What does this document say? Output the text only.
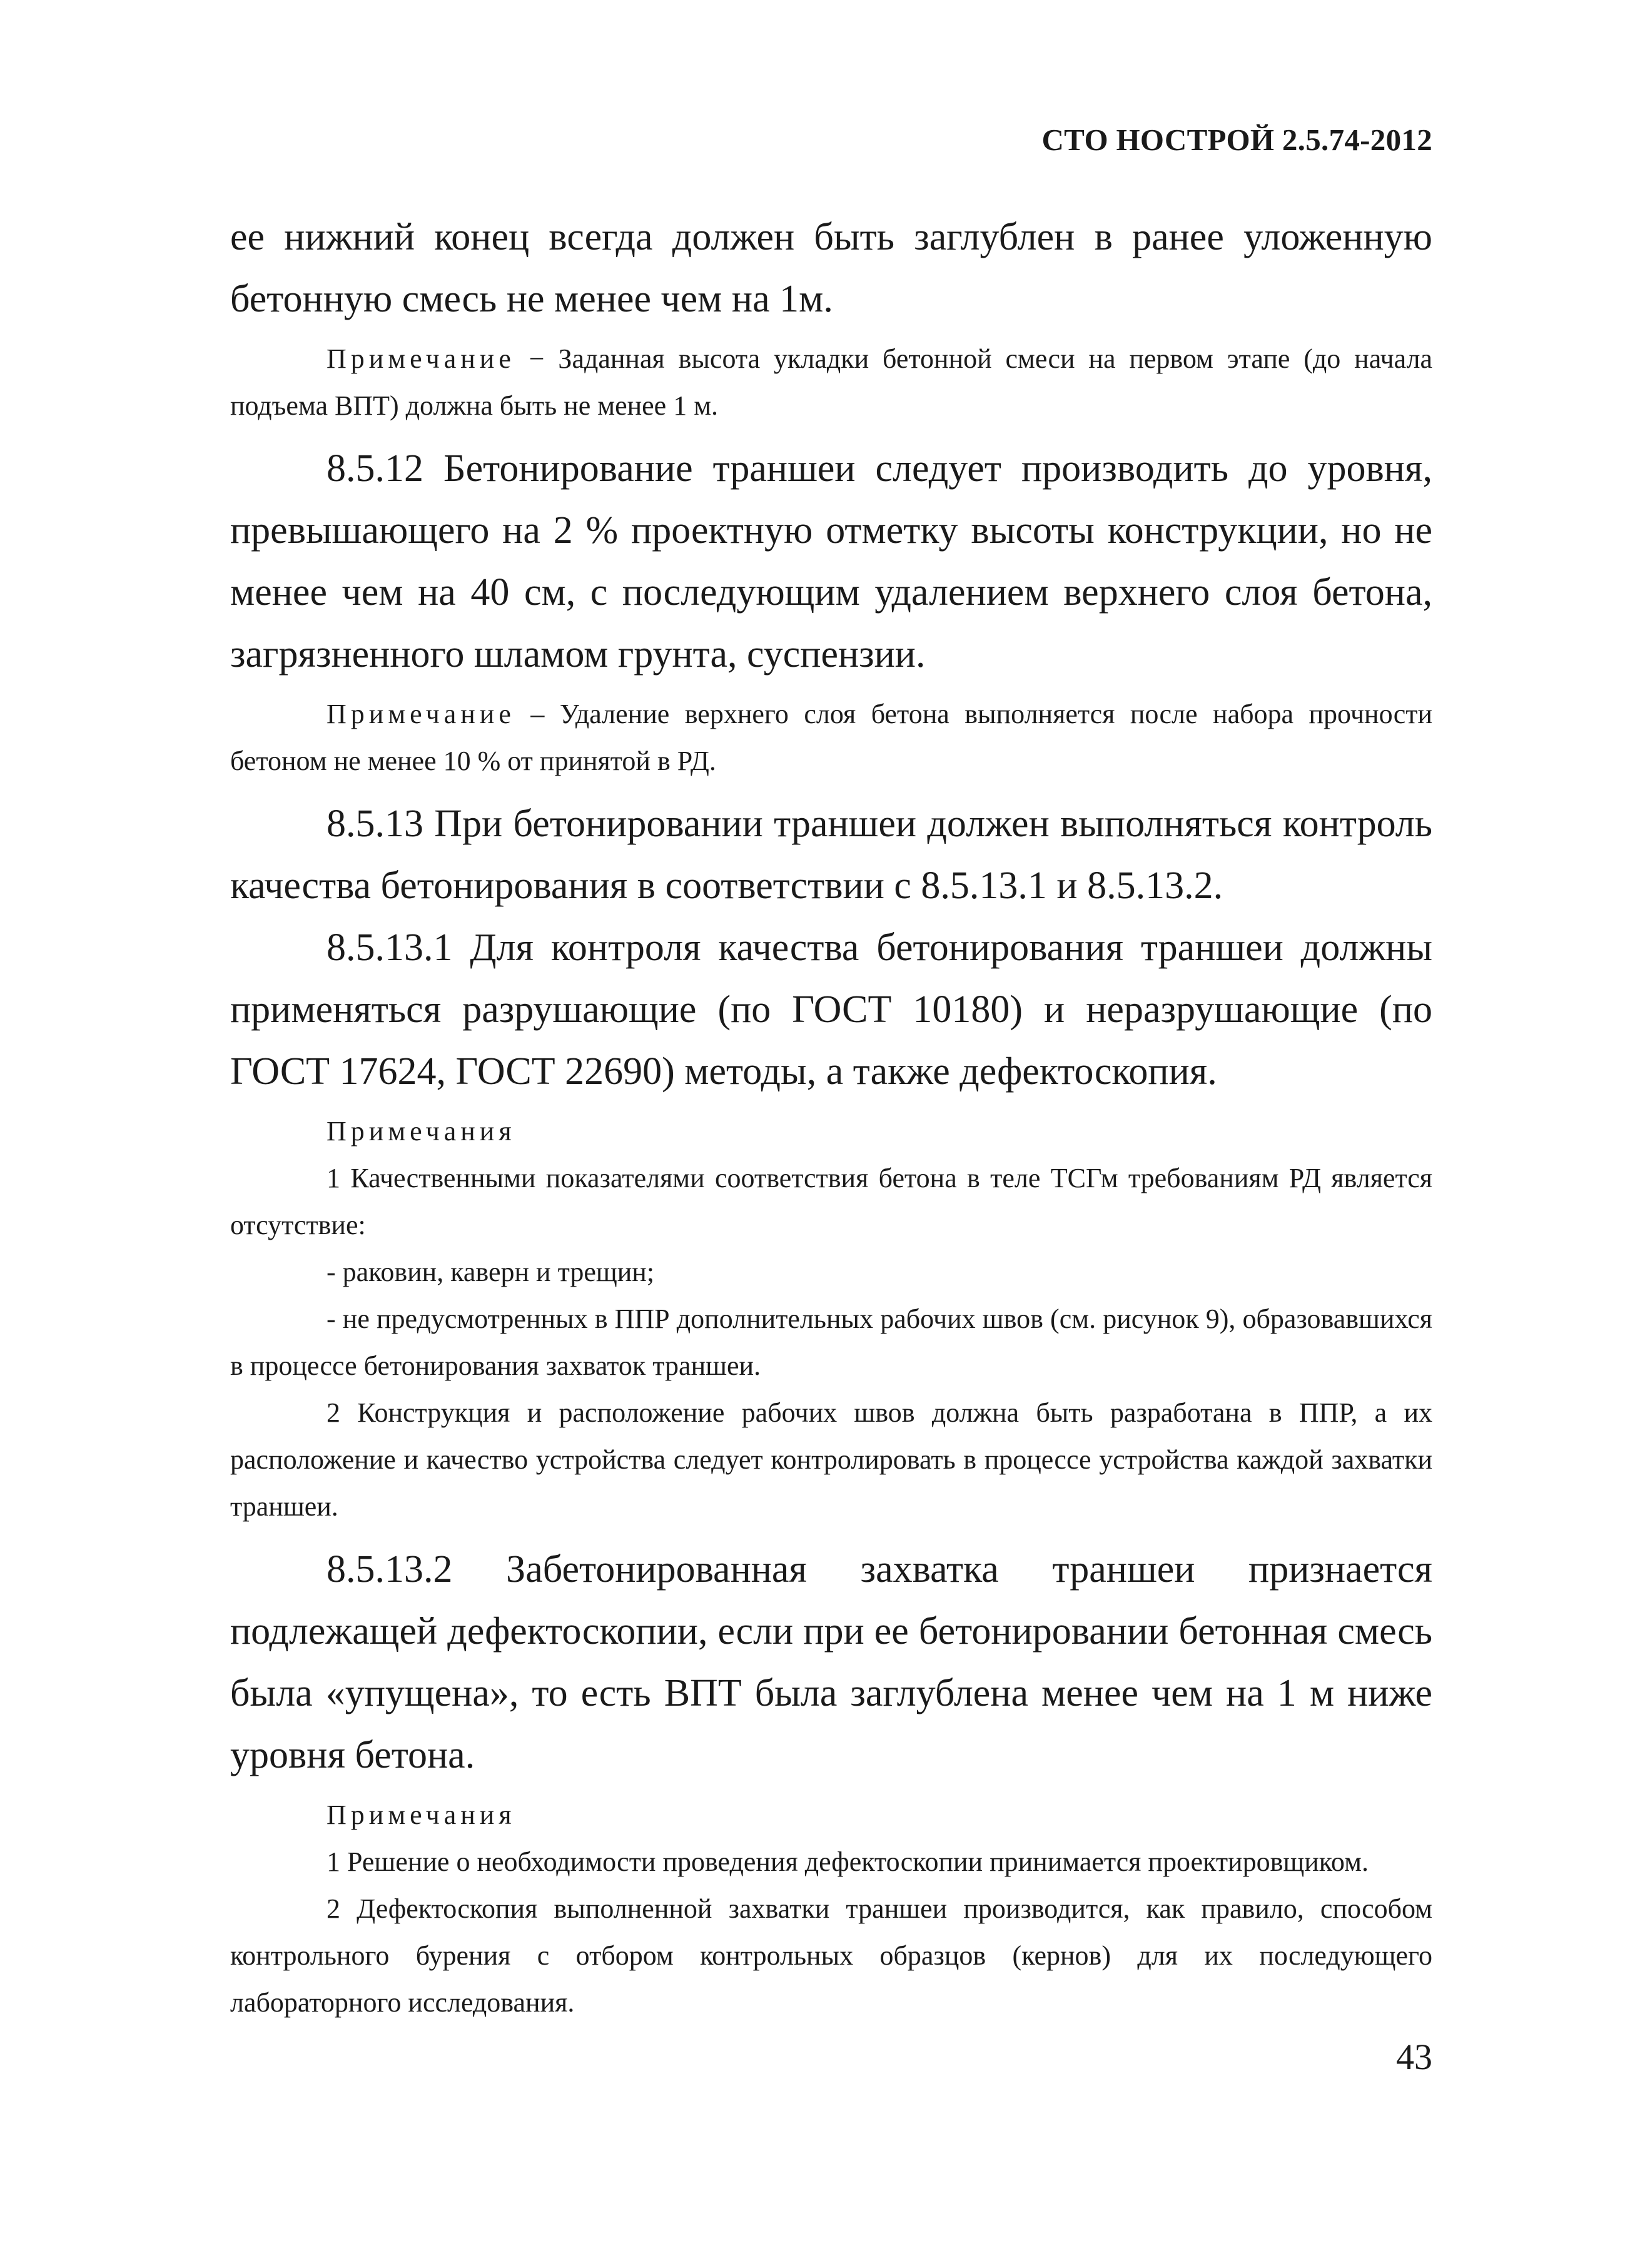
СТО НОСТРОЙ 2.5.74-2012

ее нижний конец всегда должен быть заглублен в ранее уложенную бетонную смесь не менее чем на 1м.

Примечание − Заданная высота укладки бетонной смеси на первом этапе (до начала подъема ВПТ) должна быть не менее 1 м.

8.5.12 Бетонирование траншеи следует производить до уровня, превышающего на 2 % проектную отметку высоты конструкции, но не менее чем на 40 см, с последующим удалением верхнего слоя бетона, загрязненного шламом грунта, суспензии.

Примечание – Удаление верхнего слоя бетона выполняется после набора прочности бетоном не менее 10 % от принятой в РД.

8.5.13 При бетонировании траншеи должен выполняться контроль качества бетонирования в соответствии с 8.5.13.1 и 8.5.13.2.

8.5.13.1 Для контроля качества бетонирования траншеи должны применяться разрушающие (по ГОСТ 10180) и неразрушающие (по ГОСТ 17624, ГОСТ 22690) методы, а также дефектоскопия.

Примечания

1 Качественными показателями соответствия бетона в теле ТСГм требованиям РД является отсутствие:

- раковин, каверн и трещин;

- не предусмотренных в ППР дополнительных рабочих швов (см. рисунок 9), образовавшихся в процессе бетонирования захваток траншеи.

2 Конструкция и расположение рабочих швов должна быть разработана в ППР, а их расположение и качество устройства следует контролировать в процессе устройства каждой захватки траншеи.

8.5.13.2 Забетонированная захватка траншеи признается подлежащей дефектоскопии, если при ее бетонировании бетонная смесь была «упущена», то есть ВПТ была заглублена менее чем на 1 м ниже уровня бетона.

Примечания

1 Решение о необходимости проведения дефектоскопии принимается проектировщиком.

2 Дефектоскопия выполненной захватки траншеи производится, как правило, способом контрольного бурения с отбором контрольных образцов (кернов) для их последующего лабораторного исследования.

43
